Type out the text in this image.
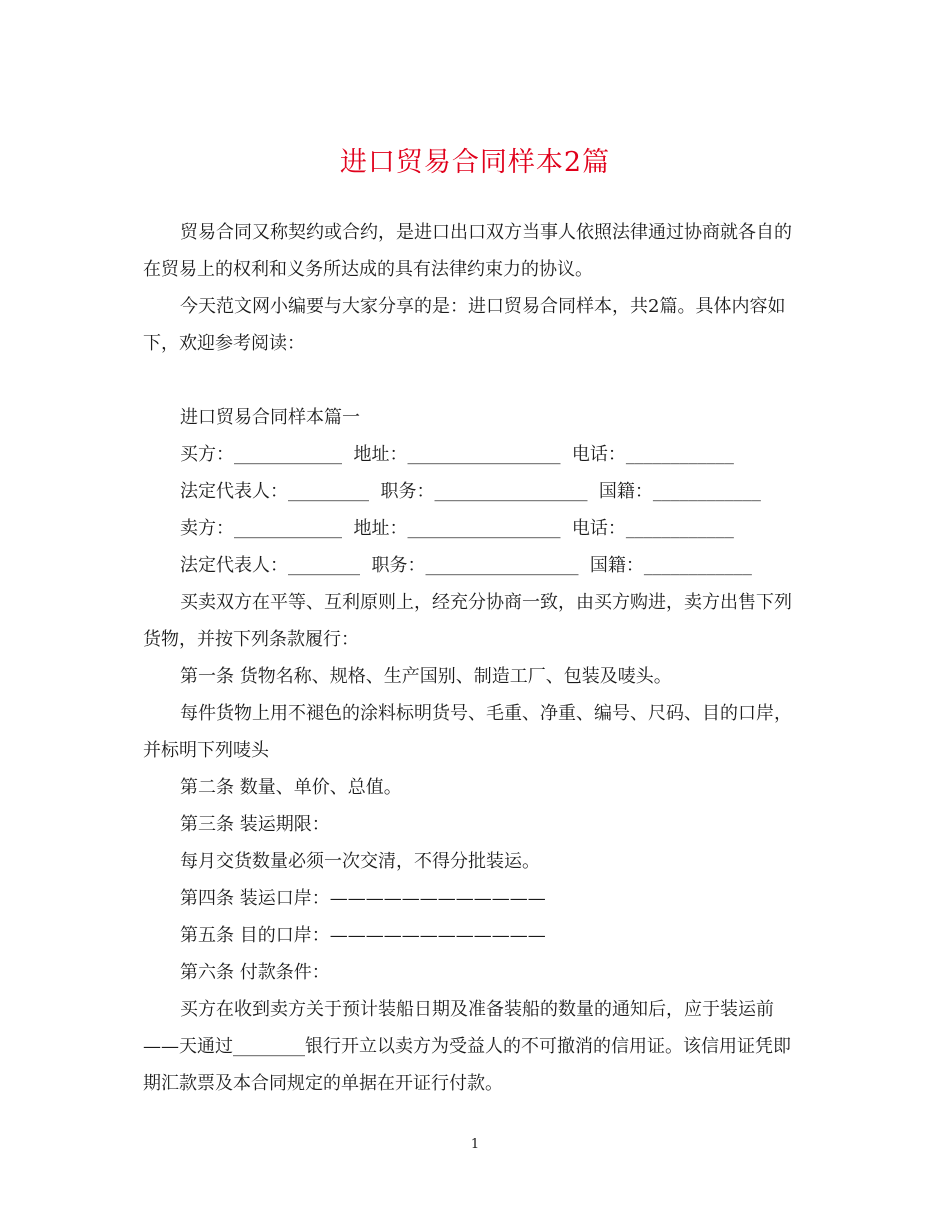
进口贸易合同样本2篇

贸易合同又称契约或合约，是进口出口双方当事人依照法律通过协商就各自的在贸易上的权利和义务所达成的具有法律约束力的协议。

今天范文网小编要与大家分享的是：进口贸易合同样本，共2篇。具体内容如下，欢迎参考阅读：

进口贸易合同样本篇一

买方：____________  地址：_________________  电话：____________

法定代表人：_________  职务：_________________  国籍：____________

卖方：____________  地址：_________________  电话：____________

法定代表人：________  职务：_________________  国籍：____________

买卖双方在平等、互利原则上，经充分协商一致，由买方购进，卖方出售下列货物，并按下列条款履行：

第一条 货物名称、规格、生产国别、制造工厂、包装及唛头。

每件货物上用不褪色的涂料标明货号、毛重、净重、编号、尺码、目的口岸，并标明下列唛头

第二条 数量、单价、总值。

第三条 装运期限：

每月交货数量必须一次交清，不得分批装运。

第四条 装运口岸：————————————

第五条 目的口岸：————————————

第六条 付款条件：

买方在收到卖方关于预计装船日期及准备装船的数量的通知后，应于装运前——天通过________银行开立以卖方为受益人的不可撤消的信用证。该信用证凭即期汇款票及本合同规定的单据在开证行付款。

1
